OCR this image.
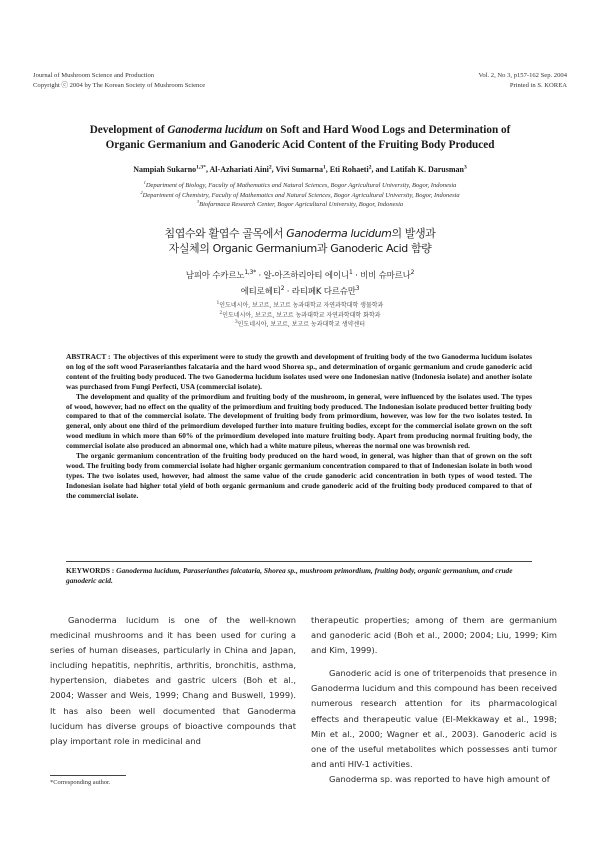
Journal of Mushroom Science and Production
Copyright ⓒ 2004 by The Korean Society of Mushroom Science
Vol. 2, No 3, p157-162 Sep. 2004
Printed in S. KOREA
Development of Ganoderma lucidum on Soft and Hard Wood Logs and Determination of
Organic Germanium and Ganoderic Acid Content of the Fruiting Body Produced
Nampiah Sukarno$^{1,3*}$, Al-Azhariati Aini$^2$, Vivi Sumarna$^1$, Eti Rohaeti$^2$, and Latifah K. Darusman$^3$
$^1$Department of Biology, Faculty of Mathematics and Natural Sciences, Bogor Agricultural University, Bogor, Indonesia
$^2$Department of Chemistry, Faculty of Mathematics and Natural Sciences, Bogor Agricultural University, Bogor, Indonesia
$^3$Biofarmaca Research Center, Bogor Agricultural University, Bogor, Indonesia
침엽수와 활엽수 골목에서 Ganoderma lucidum의 발생과
자실체의 Organic Germanium과 Ganoderic Acid 함량
남피아 수카르노$^{1,3*}$ · 알-아즈하리아티 에이니$^1$ · 비비 슈마르나$^2$
에티로헤티$^2$ · 라티페K 다르슈만$^3$
$^1$인도네시아, 보고르, 보고르 농과대학교 자연과학대학 생물학과
$^2$인도네시아, 보고르, 보고르 농과대학교 자연과학대학 화학과
$^3$인도네시아, 보고르, 보고르 농과대학교 생약센터

ABSTRACT : The objectives of this experiment were to study the growth and development of fruiting body of the two Ganoderma lucidum isolates on log of the soft wood Paraserianthes falcataria and the hard wood Shorea sp., and determination of organic germanium and crude ganoderic acid content of the fruiting body produced. The two Ganoderma lucidum isolates used were one Indonesian native (Indonesia isolate) and another isolate was purchased from Fungi Perfecti, USA (commercial isolate).

The development and quality of the primordium and fruiting body of the mushroom, in general, were influenced by the isolates used. The types of wood, however, had no effect on the quality of the primordium and fruiting body produced. The Indonesian isolate produced better fruiting body compared to that of the commercial isolate. The development of fruiting body from primordium, however, was low for the two isolates tested. In general, only about one third of the primordium developed further into mature fruiting bodies, except for the commercial isolate grown on the soft wood medium in which more than 60% of the primordium developed into mature fruiting body. Apart from producing normal fruiting body, the commercial isolate also produced an abnormal one, which had a white mature pileus, whereas the normal one was brownish red.

The organic germanium concentration of the fruiting body produced on the hard wood, in general, was higher than that of grown on the soft wood. The fruiting body from commercial isolate had higher organic germanium concentration compared to that of Indonesian isolate in both wood types. The two isolates used, however, had almost the same value of the crude ganoderic acid concentration in both types of wood tested. The Indonesian isolate had higher total yield of both organic germanium and crude ganoderic acid of the fruiting body produced compared to that of the commercial isolate.

KEYWORDS : Ganoderma lucidum, Paraserianthes falcataria, Shorea sp., mushroom primordium, fruiting body, organic germanium, and crude ganoderic acid.

Ganoderma lucidum is one of the well-known medicinal mushrooms and it has been used for curing a series of human diseases, particularly in China and Japan, including hepatitis, nephritis, arthritis, bronchitis, asthma, hypertension, diabetes and gastric ulcers (Boh et al., 2004; Wasser and Weis, 1999; Chang and Buswell, 1999). It has also been well documented that Ganoderma lucidum has diverse groups of bioactive compounds that play important role in medicinal and

therapeutic properties; among of them are germanium and ganoderic acid (Boh et al., 2000; 2004; Liu, 1999; Kim and Kim, 1999).

Ganoderic acid is one of triterpenoids that presence in Ganoderma lucidum and this compound has been received numerous research attention for its pharmacological effects and therapeutic value (El-Mekkaway et al., 1998; Min et al., 2000; Wagner et al., 2003). Ganoderic acid is one of the useful metabolites which possesses anti tumor and anti HIV-1 activities.

Ganoderma sp. was reported to have high amount of

*Corresponding author.
